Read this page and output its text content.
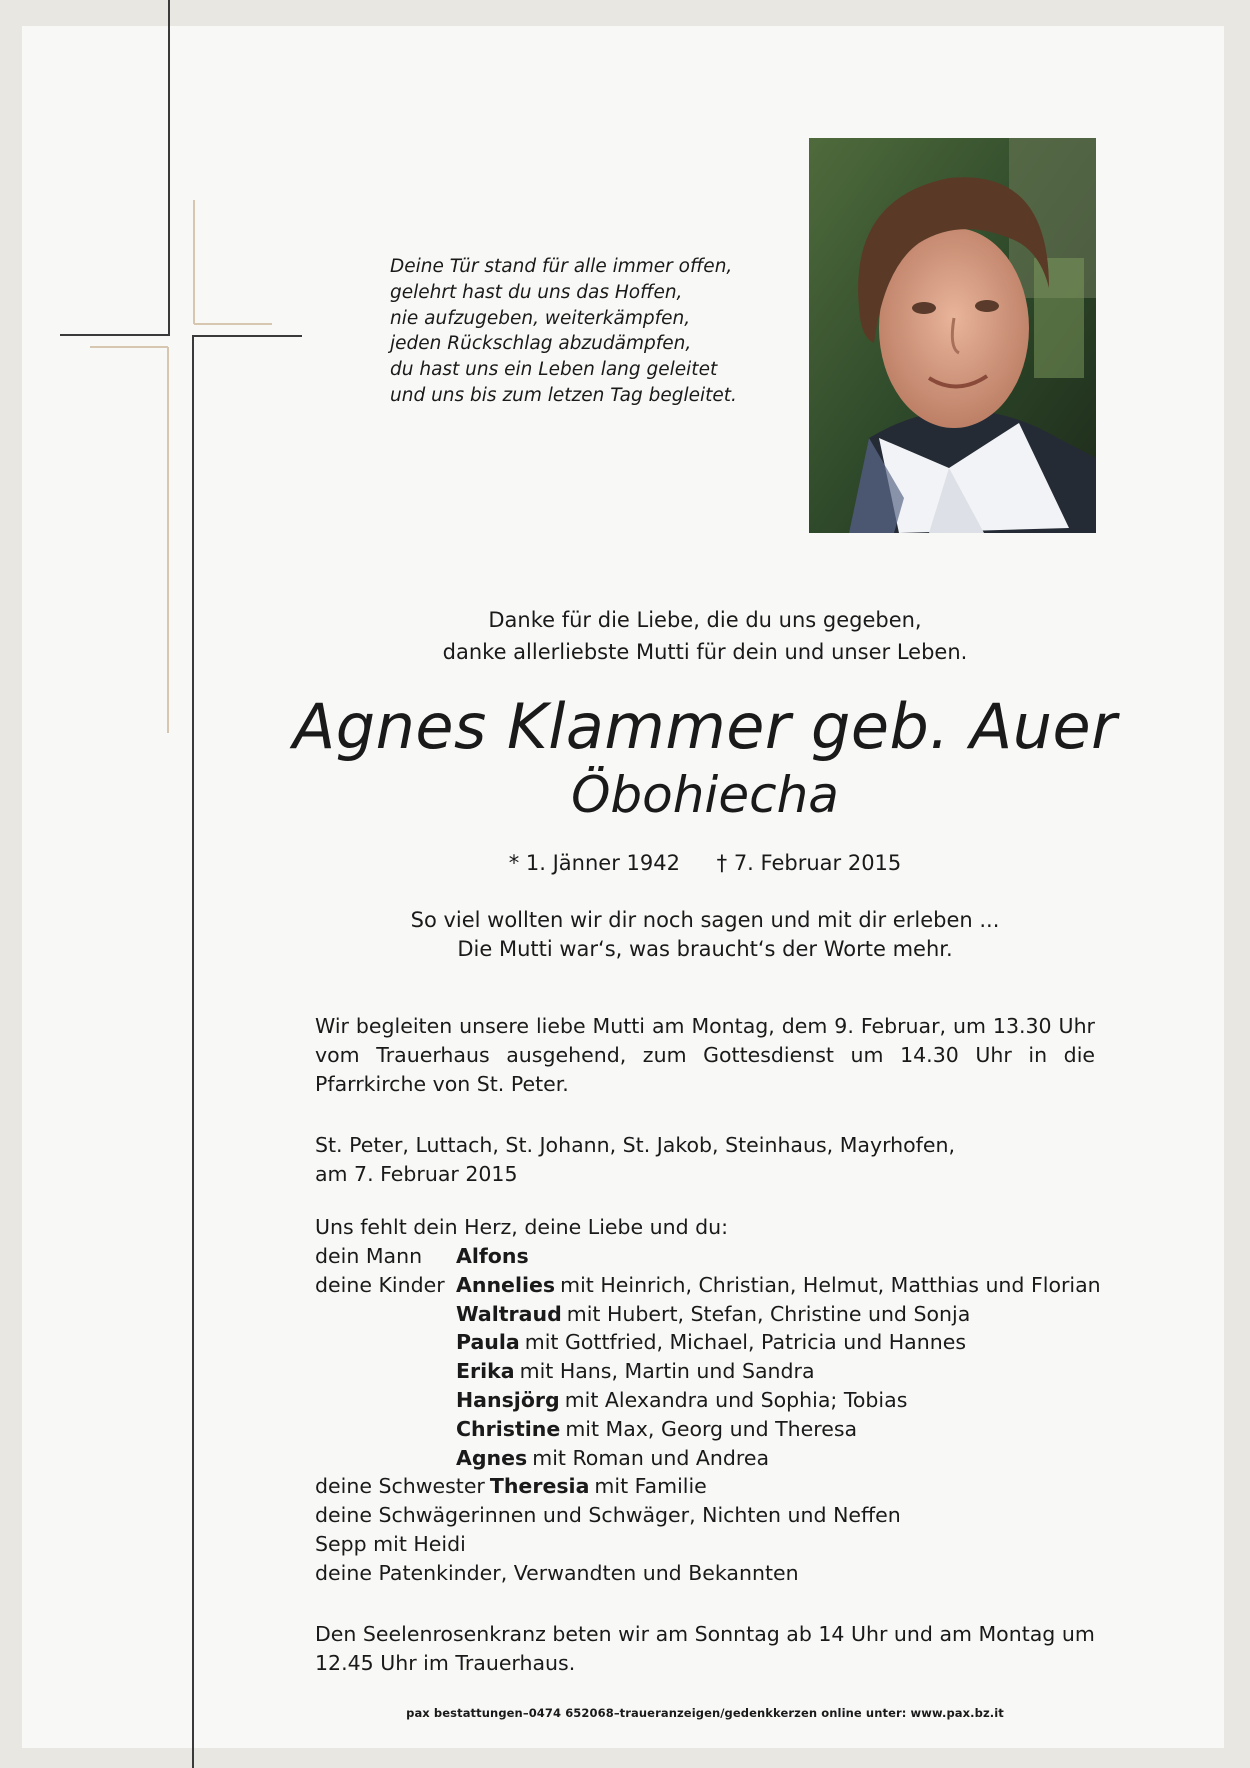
Deine Tür stand für alle immer offen,
gelehrt hast du uns das Hoffen,
nie aufzugeben, weiterkämpfen,
jeden Rückschlag abzudämpfen,
du hast uns ein Leben lang geleitet
und uns bis zum letzen Tag begleitet.
Danke für die Liebe, die du uns gegeben,
danke allerliebste Mutti für dein und unser Leben.
Agnes Klammer geb. Auer
Öbohiecha
* 1. Jänner 1942 † 7. Februar 2015
So viel wollten wir dir noch sagen und mit dir erleben ...
Die Mutti war‘s, was braucht‘s der Worte mehr.
Wir begleiten unsere liebe Mutti am Montag, dem 9. Februar, um 13.30 Uhr vom Trauerhaus ausgehend, zum Gottesdienst um 14.30 Uhr in die Pfarrkirche von St. Peter.
St. Peter, Luttach, St. Johann, St. Jakob, Steinhaus, Mayrhofen,
am 7. Februar 2015
Uns fehlt dein Herz, deine Liebe und du:
dein Mann	Alfons
deine Kinder Annelies mit Heinrich, Christian, Helmut, Matthias und Florian
Waltraud mit Hubert, Stefan, Christine und Sonja
Paula mit Gottfried, Michael, Patricia und Hannes
Erika mit Hans, Martin und Sandra
Hansjörg mit Alexandra und Sophia; Tobias
Christine mit Max, Georg und Theresa
Agnes mit Roman und Andrea
deine Schwester Theresia mit Familie
deine Schwägerinnen und Schwäger, Nichten und Neffen
Sepp mit Heidi
deine Patenkinder, Verwandten und Bekannten
Den Seelenrosenkranz beten wir am Sonntag ab 14 Uhr und am Montag um
12.45 Uhr im Trauerhaus.
pax bestattungen–0474 652068–traueranzeigen/gedenkkerzen online unter: www.pax.bz.it
